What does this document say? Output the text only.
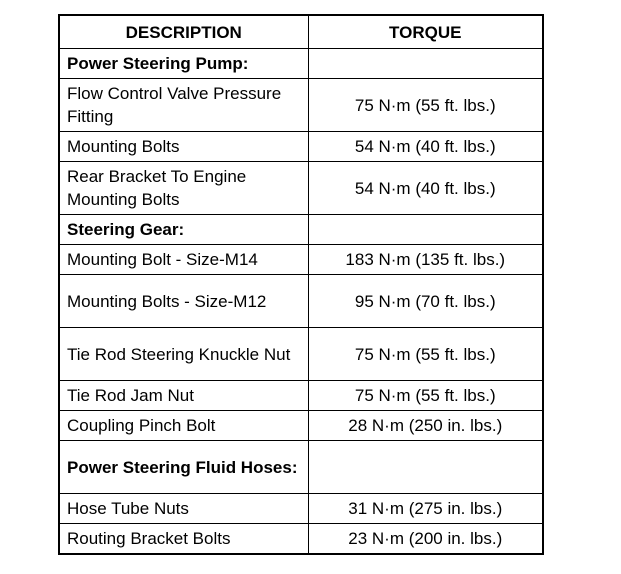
DESCRIPTION	TORQUE
Power Steering Pump:	
Flow Control Valve Pressure Fitting	75 N·m (55 ft. lbs.)
Mounting Bolts	54 N·m (40 ft. lbs.)
Rear Bracket To Engine Mounting Bolts	54 N·m (40 ft. lbs.)
Steering Gear:	
Mounting Bolt - Size-M14	183 N·m (135 ft. lbs.)
Mounting Bolts - Size-M12	95 N·m (70 ft. lbs.)
Tie Rod Steering Knuckle Nut	75 N·m (55 ft. lbs.)
Tie Rod Jam Nut	75 N·m (55 ft. lbs.)
Coupling Pinch Bolt	28 N·m (250 in. lbs.)
Power Steering Fluid Hoses:	
Hose Tube Nuts	31 N·m (275 in. lbs.)
Routing Bracket Bolts	23 N·m (200 in. lbs.)
